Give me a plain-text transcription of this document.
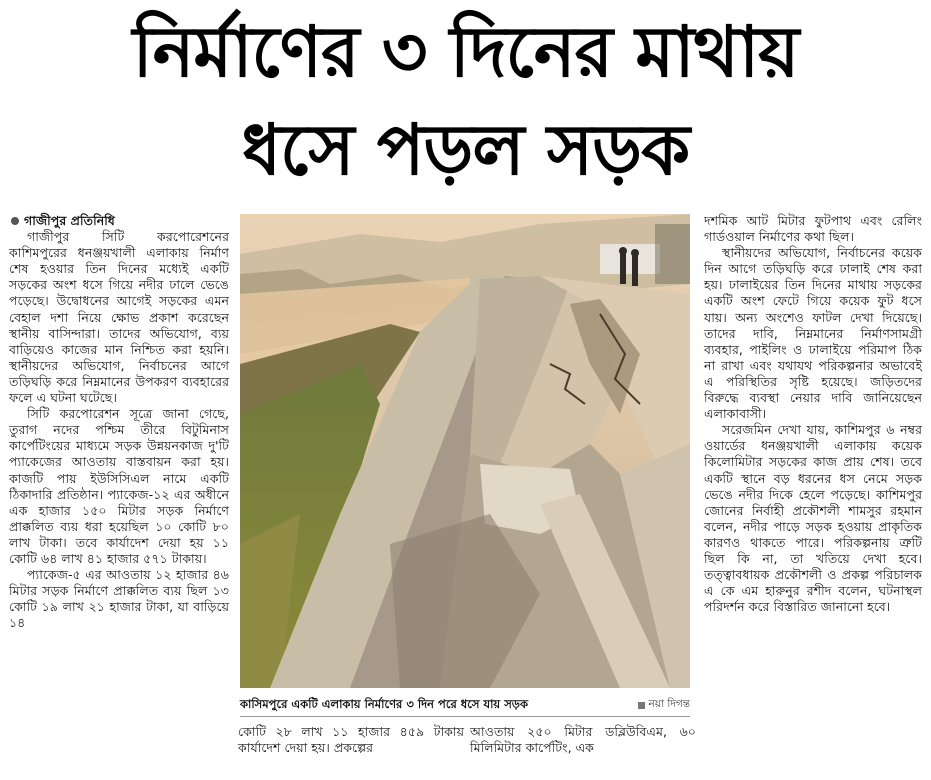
নির্মাণের ৩ দিনের মাথায়
ধসে পড়ল সড়ক

গাজীপুর প্রতিনিধি

গাজীপুর সিটি করপোরেশনের কাশিমপুরের ধনঞ্জয়খালী এলাকায় নির্মাণ শেষ হওয়ার তিন দিনের মধ্যেই একটি সড়কের অংশ ধসে গিয়ে নদীর ঢালে ভেঙে পড়েছে। উদ্বোধনের আগেই সড়কের এমন বেহাল দশা নিয়ে ক্ষোভ প্রকাশ করেছেন স্থানীয় বাসিন্দারা। তাদের অভিযোগ, ব্যয় বাড়িয়েও কাজের মান নিশ্চিত করা হয়নি। স্থানীয়দের অভিযোগ, নির্বাচনের আগে তড়িঘড়ি করে নিম্নমানের উপকরণ ব্যবহারের ফলে এ ঘটনা ঘটেছে।

সিটি করপোরেশন সূত্রে জানা গেছে, তুরাগ নদের পশ্চিম তীরে বিটুমিনাস কার্পেটিংয়ের মাধ্যমে সড়ক উন্নয়নকাজ দু'টি প্যাকেজের আওতায় বাস্তবায়ন করা হয়। কাজটি পায় ইউসিসিএল নামে একটি ঠিকাদারি প্রতিষ্ঠান। প্যাকেজ-১২ এর অধীনে এক হাজার ১৫০ মিটার সড়ক নির্মাণে প্রাক্কলিত ব্যয় ধরা হয়েছিল ১০ কোটি ৮০ লাখ টাকা। তবে কার্যাদেশ দেয়া হয় ১১ কোটি ৬৪ লাখ ৪১ হাজার ৫৭১ টাকায়।

প্যাকেজ-৫ এর আওতায় ১২ হাজার ৪৬ মিটার সড়ক নির্মাণে প্রাক্কলিত ব্যয় ছিল ১৩ কোটি ১৯ লাখ ২১ হাজার টাকা, যা বাড়িয়ে ১৪

কাসিমপুরে একটি এলাকায় নির্মাণের ৩ দিন পরে ধসে যায় সড়ক	নয়া দিগন্ত
কোটি ২৮ লাখ ১১ হাজার ৪৫৯ টাকায় কার্যাদেশ দেয়া হয়। প্রকল্পের
আওতায় ২৫০ মিটার ডব্লিউবিএম, ৬০ মিলিমিটার কার্পেটিং, এক

দশমিক আট মিটার ফুটপাথ এবং রেলিং গার্ডওয়াল নির্মাণের কথা ছিল।

স্থানীয়দের অভিযোগ, নির্বাচনের কয়েক দিন আগে তড়িঘড়ি করে ঢালাই শেষ করা হয়। ঢালাইয়ের তিন দিনের মাথায় সড়কের একটি অংশ ফেটে গিয়ে কয়েক ফুট ধসে যায়। অন্য অংশেও ফাটল দেখা দিয়েছে। তাদের দাবি, নিম্নমানের নির্মাণসামগ্রী ব্যবহার, পাইলিং ও ঢালাইয়ে পরিমাপ ঠিক না রাখা এবং যথাযথ পরিকল্পনার অভাবেই এ পরিস্থিতির সৃষ্টি হয়েছে। জড়িতদের বিরুদ্ধে ব্যবস্থা নেয়ার দাবি জানিয়েছেন এলাকাবাসী।

সরেজমিন দেখা যায়, কাশিমপুর ৬ নম্বর ওয়ার্ডের ধনঞ্জয়খালী এলাকায় কয়েক কিলোমিটার সড়কের কাজ প্রায় শেষ। তবে একটি স্থানে বড় ধরনের ধস নেমে সড়ক ভেঙে নদীর দিকে হেলে পড়েছে। কাশিমপুর জোনের নির্বাহী প্রকৌশলী শামসুর রহমান বলেন, নদীর পাড়ে সড়ক হওয়ায় প্রাকৃতিক কারণও থাকতে পারে। পরিকল্পনায় ত্রুটি ছিল কি না, তা খতিয়ে দেখা হবে। তত্ত্বাবধায়ক প্রকৌশলী ও প্রকল্প পরিচালক এ কে এম হারুনুর রশীদ বলেন, ঘটনাস্থল পরিদর্শন করে বিস্তারিত জানানো হবে।
